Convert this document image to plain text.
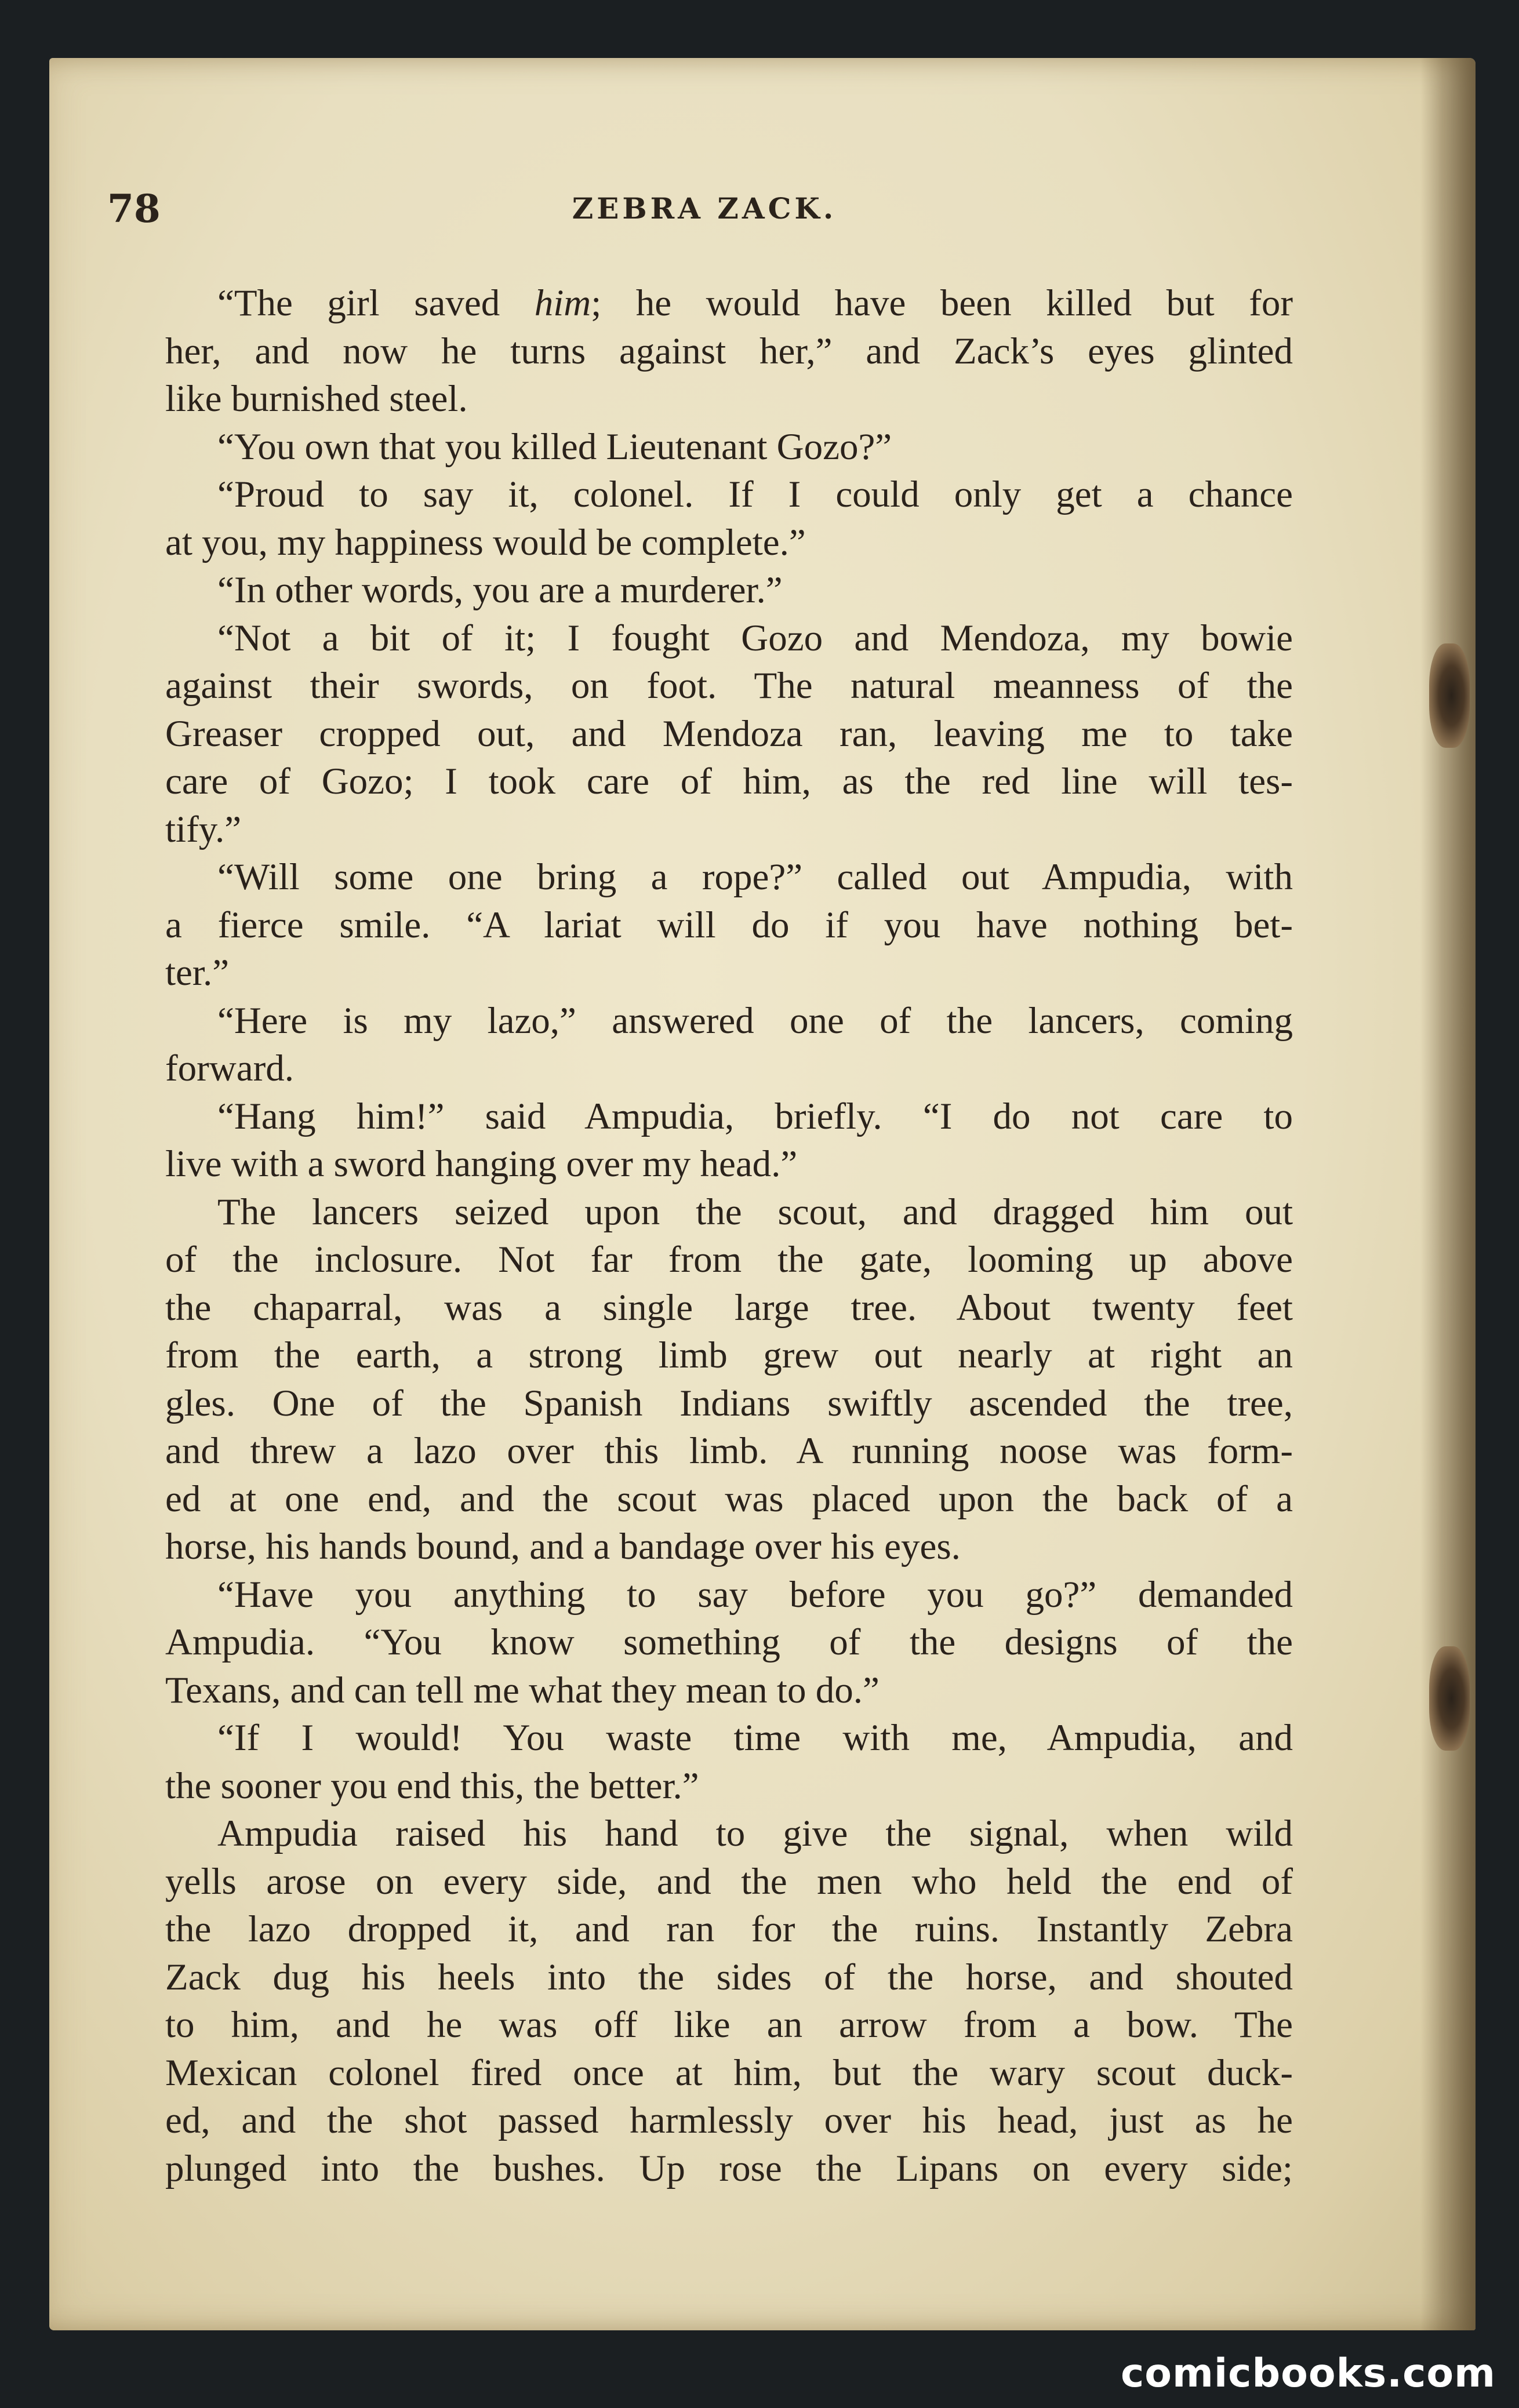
78	ZEBRA ZACK.
“The girl saved him; he would have been killed but for
her, and now he turns against her,” and Zack’s eyes glinted
like burnished steel.
“You own that you killed Lieutenant Gozo?”
“Proud to say it, colonel. If I could only get a chance
at you, my happiness would be complete.”
“In other words, you are a murderer.”
“Not a bit of it; I fought Gozo and Mendoza, my bowie
against their swords, on foot. The natural meanness of the
Greaser cropped out, and Mendoza ran, leaving me to take
care of Gozo; I took care of him, as the red line will tes-
tify.”
“Will some one bring a rope?” called out Ampudia, with
a fierce smile. “A lariat will do if you have nothing bet-
ter.”
“Here is my lazo,” answered one of the lancers, coming
forward.
“Hang him!” said Ampudia, briefly. “I do not care to
live with a sword hanging over my head.”
The lancers seized upon the scout, and dragged him out
of the inclosure. Not far from the gate, looming up above
the chaparral, was a single large tree. About twenty feet
from the earth, a strong limb grew out nearly at right an
gles. One of the Spanish Indians swiftly ascended the tree,
and threw a lazo over this limb. A running noose was form-
ed at one end, and the scout was placed upon the back of a
horse, his hands bound, and a bandage over his eyes.
“Have you anything to say before you go?” demanded
Ampudia. “You know something of the designs of the
Texans, and can tell me what they mean to do.”
“If I would! You waste time with me, Ampudia, and
the sooner you end this, the better.”
Ampudia raised his hand to give the signal, when wild
yells arose on every side, and the men who held the end of
the lazo dropped it, and ran for the ruins. Instantly Zebra
Zack dug his heels into the sides of the horse, and shouted
to him, and he was off like an arrow from a bow. The
Mexican colonel fired once at him, but the wary scout duck-
ed, and the shot passed harmlessly over his head, just as he
plunged into the bushes. Up rose the Lipans on every side;
comicbooks.com
